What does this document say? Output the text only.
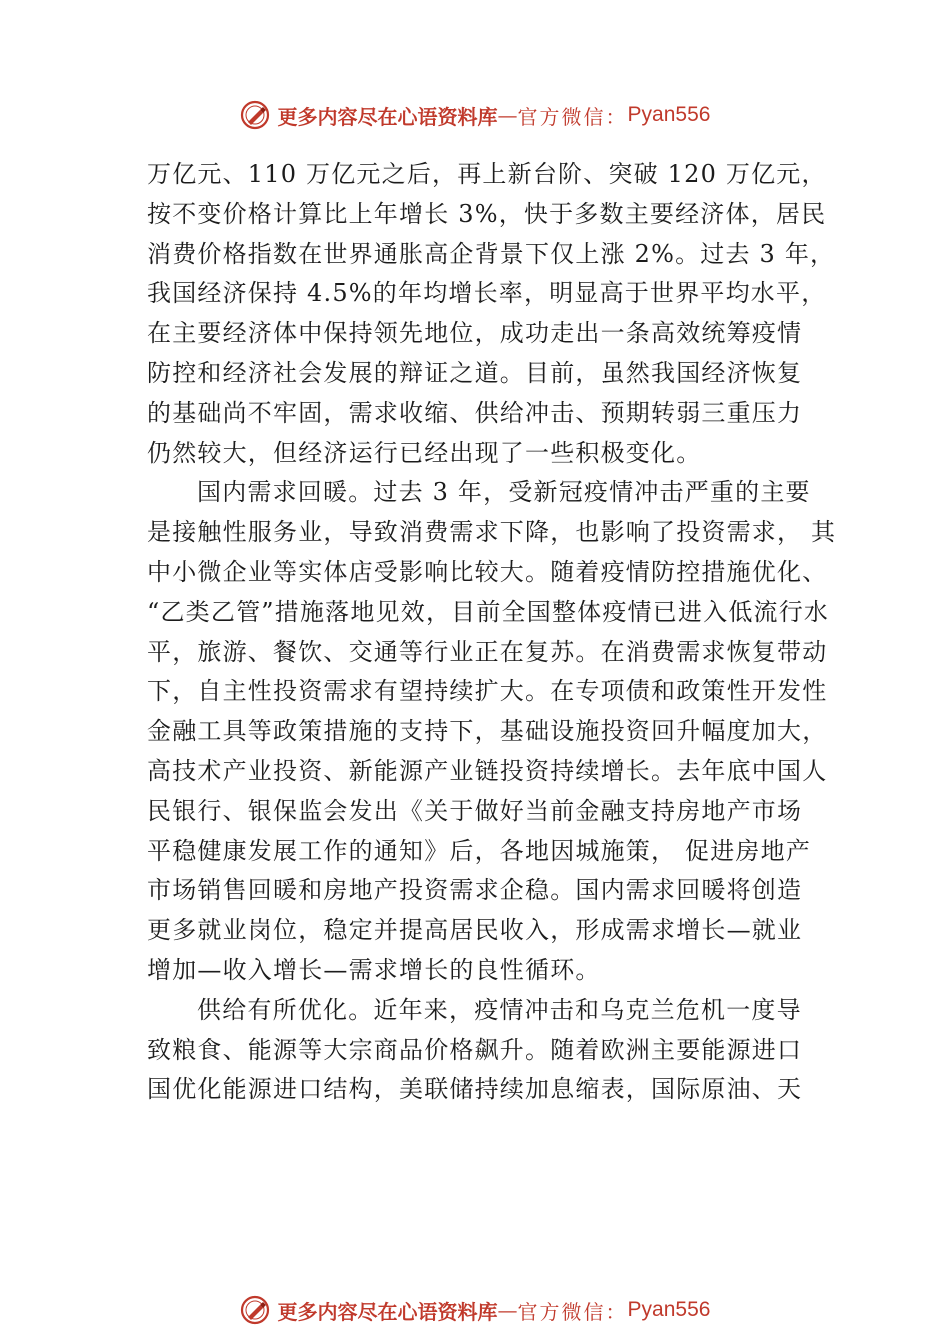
更多内容尽在心语资料库 — 官方微信： Pyan556
万亿元、110 万亿元之后，再上新台阶、突破 120 万亿元，
按不变价格计算比上年增长 3%，快于多数主要经济体，居民
消费价格指数在世界通胀高企背景下仅上涨 2%。过去 3 年，
我国经济保持 4.5%的年均增长率，明显高于世界平均水平，
在主要经济体中保持领先地位，成功走出一条高效统筹疫情
防控和经济社会发展的辩证之道。目前，虽然我国经济恢复
的基础尚不牢固，需求收缩、供给冲击、预期转弱三重压力
仍然较大，但经济运行已经出现了一些积极变化。
国内需求回暖。过去 3 年，受新冠疫情冲击严重的主要
是接触性服务业，导致消费需求下降，也影响了投资需求， 其
中小微企业等实体店受影响比较大。随着疫情防控措施优化、
“乙类乙管”措施落地见效，目前全国整体疫情已进入低流行水
平，旅游、餐饮、交通等行业正在复苏。在消费需求恢复带动
下，自主性投资需求有望持续扩大。在专项债和政策性开发性
金融工具等政策措施的支持下，基础设施投资回升幅度加大，
高技术产业投资、新能源产业链投资持续增长。去年底中国人
民银行、银保监会发出《关于做好当前金融支持房地产市场
平稳健康发展工作的通知》后，各地因城施策， 促进房地产
市场销售回暖和房地产投资需求企稳。国内需求回暖将创造
更多就业岗位，稳定并提高居民收入，形成需求增长—就业
增加—收入增长—需求增长的良性循环。
供给有所优化。近年来，疫情冲击和乌克兰危机一度导
致粮食、能源等大宗商品价格飙升。随着欧洲主要能源进口
国优化能源进口结构，美联储持续加息缩表，国际原油、天
更多内容尽在心语资料库 — 官方微信： Pyan556
